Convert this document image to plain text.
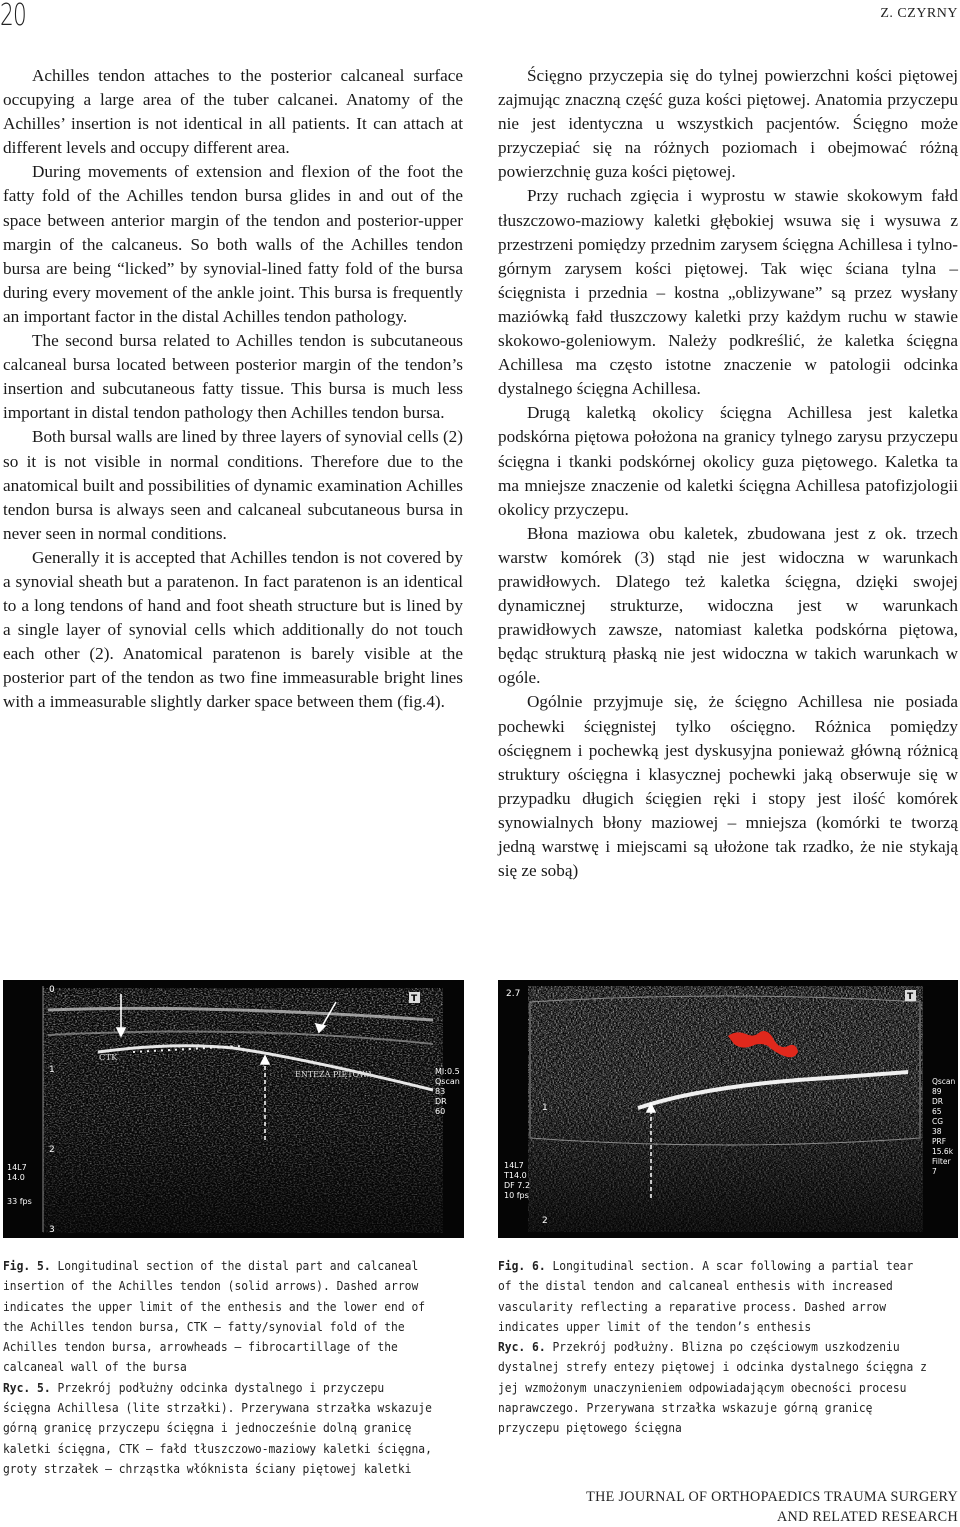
20	Z. CZYRNY

Achilles tendon attaches to the posterior calcaneal surface occupying a large area of the tuber calcanei. Anatomy of the Achilles’ insertion is not identical in all patients. It can attach at different levels and occupy different area.

During movements of extension and flexion of the foot the fatty fold of the Achilles tendon bursa glides in and out of the space between anterior margin of the tendon and posterior-upper margin of the calcaneus. So both walls of the Achilles tendon bursa are being “licked” by synovial-lined fatty fold of the bursa during every movement of the ankle joint. This bursa is frequently an important factor in the distal Achilles tendon pathology.

The second bursa related to Achilles tendon is subcutaneous calcaneal bursa located between posterior margin of the tendon’s insertion and subcutaneous fatty tissue. This bursa is much less important in distal tendon pathology then Achilles tendon bursa.

Both bursal walls are lined by three layers of synovial cells (2) so it is not visible in normal conditions. Therefore due to the anatomical built and possibilities of dynamic examination Achilles tendon bursa is always seen and calcaneal subcutaneous bursa in never seen in normal conditions.

Generally it is accepted that Achilles tendon is not covered by a synovial sheath but a paratenon. In fact paratenon is an identical to a long tendons of hand and foot sheath structure but is lined by a single layer of synovial cells which additionally do not touch each other (2). Anatomical paratenon is barely visible at the posterior part of the tendon as two fine immeasurable bright lines with a immeasurable slightly darker space between them (fig.4).

Ścięgno przyczepia się do tylnej powierzchni kości piętowej zajmując znaczną część guza kości piętowej. Anatomia przyczepu nie jest identyczna u wszystkich pacjentów. Ścięgno może przyczepiać się na różnych poziomach i obejmować różną powierzchnię guza kości piętowej.

Przy ruchach zgięcia i wyprostu w stawie skokowym fałd tłuszczowo-maziowy kaletki głębokiej wsuwa się i wysuwa z przestrzeni pomiędzy przednim zarysem ścięgna Achillesa i tylno-górnym zarysem kości piętowej. Tak więc ściana tylna – ścięgnista i przednia – kostna „oblizywane” są przez wysłany maziówką fałd tłuszczowy kaletki przy każdym ruchu w stawie skokowo-goleniowym. Należy podkreślić, że kaletka ścięgna Achillesa ma często istotne znaczenie w patologii odcinka dystalnego ścięgna Achillesa.

Drugą kaletką okolicy ścięgna Achillesa jest kaletka podskórna piętowa położona na granicy tylnego zarysu przyczepu ścięgna i tkanki podskórnej okolicy guza piętowego. Kaletka ta ma mniejsze znaczenie od kaletki ścięgna Achillesa patofizjologii okolicy przyczepu.

Błona maziowa obu kaletek, zbudowana jest z ok. trzech warstw komórek (3) stąd nie jest widoczna w warunkach prawidłowych. Dlatego też kaletka ścięgna, dzięki swojej dynamicznej strukturze, widoczna jest w warunkach prawidłowych zawsze, natomiast kaletka podskórna piętowa, będąc strukturą płaską nie jest widoczna w takich warunkach w ogóle.

Ogólnie przyjmuje się, że ścięgno Achillesa nie posiada pochewki ścięgnistej tylko ościęgno. Różnica pomiędzy ościęgnem i pochewką jest dyskusyjna ponieważ główną różnicą struktury ościęgna i klasycznej pochewki jaką obserwuje się w przypadku długich ścięgien ręki i stopy jest ilość komórek synowialnych błony maziowej – mniejsza (komórki te tworzą jedną warstwę i miejscami są ułożone tak rzadko, że nie stykają się ze sobą)

0
1
2
3
CTK
ENTEZA PIĘTOWA
T
MI:0.5
Qscan
83
DR
60
14L7
14.0
33 fps
2.7
1
2
T
Qscan
89
DR
65
CG
38
PRF
15.6k
Filter
7
14L7
T14.0
DF 7.2
10 fps

Fig. 5. Longitudinal section of the distal part and calcaneal insertion of the Achilles tendon (solid arrows). Dashed arrow indicates the upper limit of the enthesis and the lower end of the Achilles tendon bursa, CTK – fatty/synovial fold of the Achilles tendon bursa, arrowheads – fibrocartillage of the calcaneal wall of the bursa

Ryc. 5. Przekrój podłużny odcinka dystalnego i przyczepu ścięgna Achillesa (lite strzałki). Przerywana strzałka wskazuje górną granicę przyczepu ścięgna i jednocześnie dolną granicę kaletki ścięgna, CTK – fałd tłuszczowo-maziowy kaletki ścięgna, groty strzałek – chrząstka włóknista ściany piętowej kaletki

Fig. 6. Longitudinal section. A scar following a partial tear of the distal tendon and calcaneal enthesis with increased vascularity reflecting a reparative process. Dashed arrow indicates upper limit of the tendon’s enthesis

Ryc. 6. Przekrój podłużny. Blizna po częściowym uszkodzeniu dystalnej strefy entezy piętowej i odcinka dystalnego ścięgna z jej wzmożonym unaczynieniem odpowiadającym obecności procesu naprawczego. Przerywana strzałka wskazuje górną granicę przyczepu piętowego ścięgna

THE JOURNAL OF ORTHOPAEDICS TRAUMA SURGERY
AND RELATED RESEARCH
